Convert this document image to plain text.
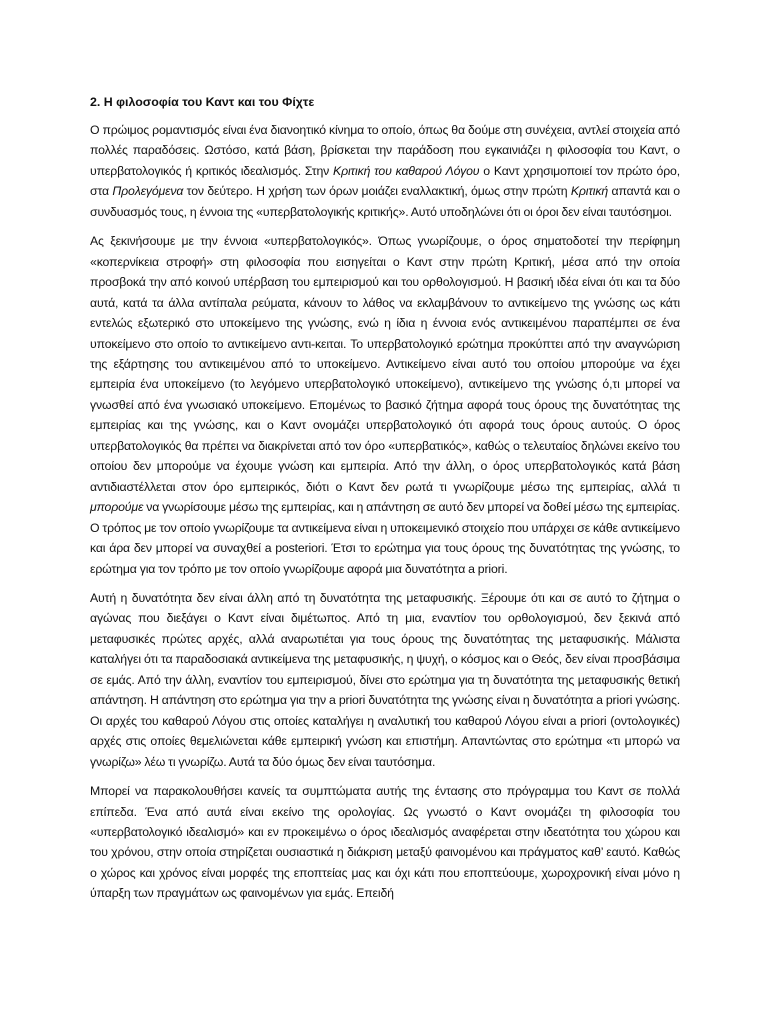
2. Η φιλοσοφία του Καντ και του Φίχτε

Ο πρώιμος ρομαντισμός είναι ένα διανοητικό κίνημα το οποίο, όπως θα δούμε στη συνέχεια, αντλεί στοιχεία από πολλές παραδόσεις. Ωστόσο, κατά βάση, βρίσκεται την παράδοση που εγκαινιάζει η φιλοσοφία του Καντ, ο υπερβατολογικός ή κριτικός ιδεαλισμός. Στην Κριτική του καθαρού Λόγου ο Καντ χρησιμοποιεί τον πρώτο όρο, στα Προλεγόμενα τον δεύτερο. Η χρήση των όρων μοιάζει εναλλακτική, όμως στην πρώτη Κριτική απαντά και ο συνδυασμός τους, η έννοια της «υπερβατολογικής κριτικής». Αυτό υποδηλώνει ότι οι όροι δεν είναι ταυτόσημοι.

Ας ξεκινήσουμε με την έννοια «υπερβατολογικός». Όπως γνωρίζουμε, ο όρος σηματοδοτεί την περίφημη «κοπερνίκεια στροφή» στη φιλοσοφία που εισηγείται ο Καντ στην πρώτη Κριτική, μέσα από την οποία προσβοκά την από κοινού υπέρβαση του εμπειρισμού και του ορθολογισμού. Η βασική ιδέα είναι ότι και τα δύο αυτά, κατά τα άλλα αντίπαλα ρεύματα, κάνουν το λάθος να εκλαμβάνουν το αντικείμενο της γνώσης ως κάτι εντελώς εξωτερικό στο υποκείμενο της γνώσης, ενώ η ίδια η έννοια ενός αντικειμένου παραπέμπει σε ένα υποκείμενο στο οποίο το αντικείμενο αντι-κειται. Το υπερβατολογικό ερώτημα προκύπτει από την αναγνώριση της εξάρτησης του αντικειμένου από το υποκείμενο. Αντικείμενο είναι αυτό του οποίου μπορούμε να έχει εμπειρία ένα υποκείμενο (το λεγόμενο υπερβατολογικό υποκείμενο), αντικείμενο της γνώσης ό,τι μπορεί να γνωσθεί από ένα γνωσιακό υποκείμενο. Επομένως το βασικό ζήτημα αφορά τους όρους της δυνατότητας της εμπειρίας και της γνώσης, και ο Καντ ονομάζει υπερβατολογικό ότι αφορά τους όρους αυτούς. Ο όρος υπερβατολογικός θα πρέπει να διακρίνεται από τον όρο «υπερβατικός», καθώς ο τελευταίος δηλώνει εκείνο του οποίου δεν μπορούμε να έχουμε γνώση και εμπειρία. Από την άλλη, ο όρος υπερβατολογικός κατά βάση αντιδιαστέλλεται στον όρο εμπειρικός, διότι ο Καντ δεν ρωτά τι γνωρίζουμε μέσω της εμπειρίας, αλλά τι μπορούμε να γνωρίσουμε μέσω της εμπειρίας, και η απάντηση σε αυτό δεν μπορεί να δοθεί μέσω της εμπειρίας. Ο τρόπος με τον οποίο γνωρίζουμε τα αντικείμενα είναι η υποκειμενικό στοιχείο που υπάρχει σε κάθε αντικείμενο και άρα δεν μπορεί να συναχθεί a posteriori. Έτσι το ερώτημα για τους όρους της δυνατότητας της γνώσης, το ερώτημα για τον τρόπο με τον οποίο γνωρίζουμε αφορά μια δυνατότητα a priori.

Αυτή η δυνατότητα δεν είναι άλλη από τη δυνατότητα της μεταφυσικής. Ξέρουμε ότι και σε αυτό το ζήτημα ο αγώνας που διεξάγει ο Καντ είναι διμέτωπος. Από τη μια, εναντίον του ορθολογισμού, δεν ξεκινά από μεταφυσικές πρώτες αρχές, αλλά αναρωτιέται για τους όρους της δυνατότητας της μεταφυσικής. Μάλιστα καταλήγει ότι τα παραδοσιακά αντικείμενα της μεταφυσικής, η ψυχή, ο κόσμος και ο Θεός, δεν είναι προσβάσιμα σε εμάς. Από την άλλη, εναντίον του εμπειρισμού, δίνει στο ερώτημα για τη δυνατότητα της μεταφυσικής θετική απάντηση. Η απάντηση στο ερώτημα για την a priori δυνατότητα της γνώσης είναι η δυνατότητα a priori γνώσης. Οι αρχές του καθαρού Λόγου στις οποίες καταλήγει η αναλυτική του καθαρού Λόγου είναι a priori (οντολογικές) αρχές στις οποίες θεμελιώνεται κάθε εμπειρική γνώση και επιστήμη. Απαντώντας στο ερώτημα «τι μπορώ να γνωρίζω» λέω τι γνωρίζω. Αυτά τα δύο όμως δεν είναι ταυτόσημα.

Μπορεί να παρακολουθήσει κανείς τα συμπτώματα αυτής της έντασης στο πρόγραμμα του Καντ σε πολλά επίπεδα. Ένα από αυτά είναι εκείνο της ορολογίας. Ως γνωστό ο Καντ ονομάζει τη φιλοσοφία του «υπερβατολογικό ιδεαλισμό» και εν προκειμένω ο όρος ιδεαλισμός αναφέρεται στην ιδεατότητα του χώρου και του χρόνου, στην οποία στηρίζεται ουσιαστικά η διάκριση μεταξύ φαινομένου και πράγματος καθ’ εαυτό. Καθώς ο χώρος και χρόνος είναι μορφές της εποπτείας μας και όχι κάτι που εποπτεύουμε, χωροχρονική είναι μόνο η ύπαρξη των πραγμάτων ως φαινομένων για εμάς. Επειδή
